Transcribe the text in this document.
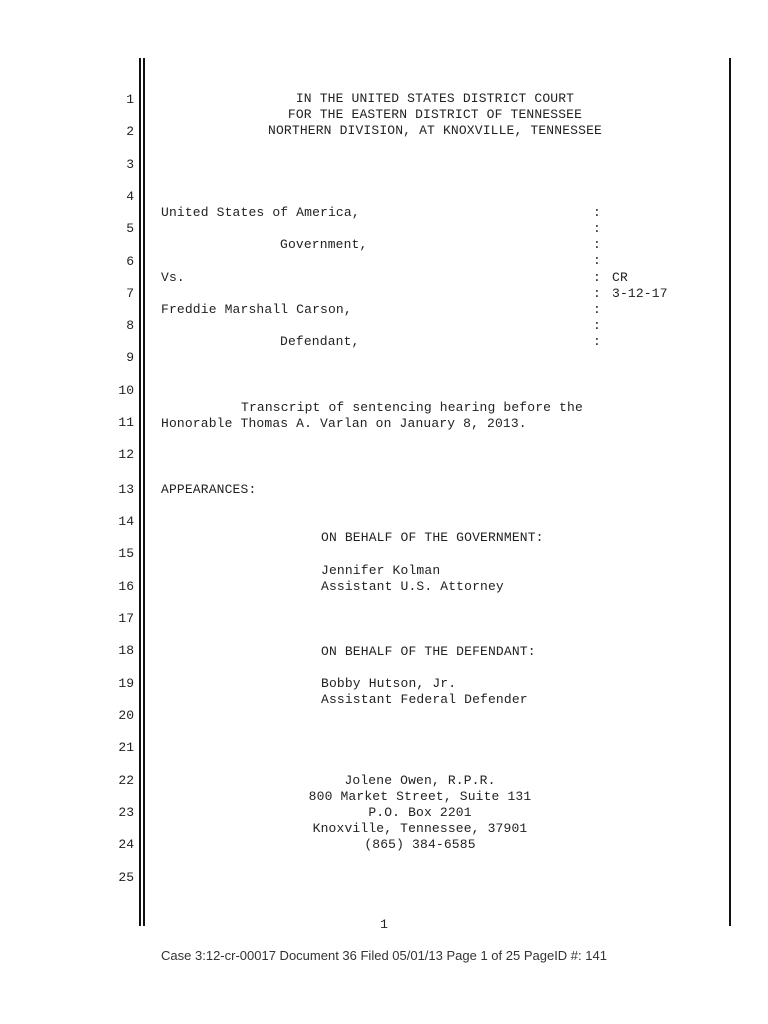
1
2
3
4
5
6
7
8
9
10
11
12
13
14
15
16
17
18
19
20
21
22
23
24
25
IN THE UNITED STATES DISTRICT COURT
FOR THE EASTERN DISTRICT OF TENNESSEE
NORTHERN DIVISION, AT KNOXVILLE, TENNESSEE
United States of America,
Government,
Vs.
Freddie Marshall Carson,
Defendant,
:
:
:
:
: CR
: 3-12-17
:
:
:
Transcript of sentencing hearing before the
Honorable Thomas A. Varlan on January 8, 2013.
APPEARANCES:
ON BEHALF OF THE GOVERNMENT:
Jennifer Kolman
Assistant U.S. Attorney
ON BEHALF OF THE DEFENDANT:
Bobby Hutson, Jr.
Assistant Federal Defender
Jolene Owen, R.P.R.
800 Market Street, Suite 131
P.O. Box 2201
Knoxville, Tennessee, 37901
(865) 384-6585
1
Case 3:12-cr-00017 Document 36 Filed 05/01/13 Page 1 of 25 PageID #: 141
